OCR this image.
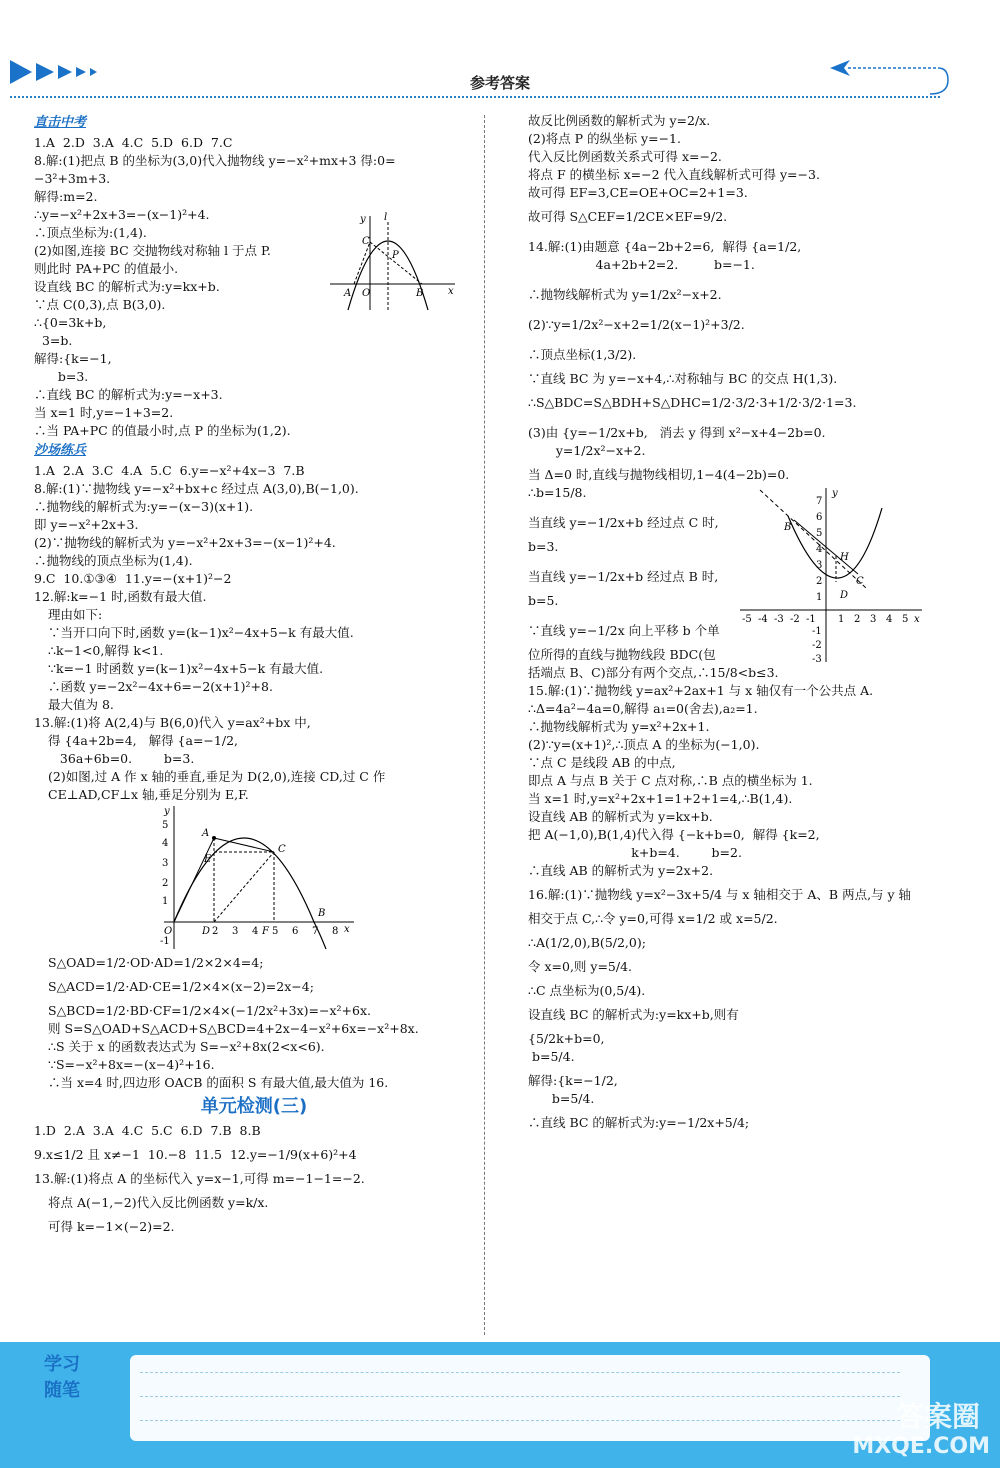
参考答案
直击中考
1.A  2.D  3.A  4.C  5.D  6.D  7.C
8.解:(1)把点 B 的坐标为(3,0)代入抛物线 y=−x²+mx+3 得:0=
−3²+3m+3.
解得:m=2.
∴y=−x²+2x+3=−(x−1)²+4.
∴顶点坐标为:(1,4).
(2)如图,连接 BC 交抛物线对称轴 l 于点 P.
则此时 PA+PC 的值最小.
设直线 BC 的解析式为:y=kx+b.
∵点 C(0,3),点 B(3,0).
∴{0=3k+b,
3=b.
解得:{k=−1,
b=3.
y l
C
P
A O	B x
∴直线 BC 的解析式为:y=−x+3.
当 x=1 时,y=−1+3=2.
∴当 PA+PC 的值最小时,点 P 的坐标为(1,2).
沙场练兵
1.A  2.A  3.C  4.A  5.C  6.y=−x²+4x−3  7.B
8.解:(1)∵抛物线 y=−x²+bx+c 经过点 A(3,0),B(−1,0).
∴抛物线的解析式为:y=−(x−3)(x+1).
即 y=−x²+2x+3.
(2)∵抛物线的解析式为 y=−x²+2x+3=−(x−1)²+4.
∴抛物线的顶点坐标为(1,4).
9.C  10.①③④  11.y=−(x+1)²−2
12.解:k=−1 时,函数有最大值.
理由如下:
∵当开口向下时,函数 y=(k−1)x²−4x+5−k 有最大值.
∴k−1<0,解得 k<1.
∵k=−1 时函数 y=(k−1)x²−4x+5−k 有最大值.
∴函数 y=−2x²−4x+6=−2(x+1)²+8.
最大值为 8.
13.解:(1)将 A(2,4)与 B(6,0)代入 y=ax²+bx 中,
得 {4a+2b=4,   解得 {a=−1/2,
36a+6b=0.        b=3.
(2)如图,过 A 作 x 轴的垂直,垂足为 D(2,0),连接 CD,过 C 作
CE⊥AD,CF⊥x 轴,垂足分别为 E,F.
y
5
4
3
2
1
A
E
C
O	D 2 3 4 F 5 6 7 8 x
B
-1
S△OAD=1/2·OD·AD=1/2×2×4=4;
S△ACD=1/2·AD·CE=1/2×4×(x−2)=2x−4;
S△BCD=1/2·BD·CF=1/2×4×(−1/2x²+3x)=−x²+6x.
则 S=S△OAD+S△ACD+S△BCD=4+2x−4−x²+6x=−x²+8x.
∴S 关于 x 的函数表达式为 S=−x²+8x(2<x<6).
∵S=−x²+8x=−(x−4)²+16.
∴当 x=4 时,四边形 OACB 的面积 S 有最大值,最大值为 16.
单元检测(三)
1.D  2.A  3.A  4.C  5.C  6.D  7.B  8.B
9.x≤1/2 且 x≠−1  10.−8  11.5  12.y=−1/9(x+6)²+4
13.解:(1)将点 A 的坐标代入 y=x−1,可得 m=−1−1=−2.
将点 A(−1,−2)代入反比例函数 y=k/x.
可得 k=−1×(−2)=2.
故反比例函数的解析式为 y=2/x.
(2)将点 P 的纵坐标 y=−1.
代入反比例函数关系式可得 x=−2.
将点 F 的横坐标 x=−2 代入直线解析式可得 y=−3.
故可得 EF=3,CE=OE+OC=2+1=3.
故可得 S△CEF=1/2CE×EF=9/2.
14.解:(1)由题意 {4a−2b+2=6,  解得 {a=1/2,
4a+2b+2=2.         b=−1.
∴抛物线解析式为 y=1/2x²−x+2.
(2)∵y=1/2x²−x+2=1/2(x−1)²+3/2.
∴顶点坐标(1,3/2).
∵直线 BC 为 y=−x+4,∴对称轴与 BC 的交点 H(1,3).
∴S△BDC=S△BDH+S△DHC=1/2·3/2·3+1/2·3/2·1=3.
(3)由 {y=−1/2x+b,   消去 y 得到 x²−x+4−2b=0.
y=1/2x²−x+2.
当 Δ=0 时,直线与抛物线相切,1−4(4−2b)=0.
∴b=15/8.
当直线 y=−1/2x+b 经过点 C 时,
b=3.
当直线 y=−1/2x+b 经过点 B 时,
b=5.
∵直线 y=−1/2x 向上平移 b 个单
位所得的直线与抛物线段 BDC(包
括端点 B、C)部分有两个交点,∴15/8<b≤3.
y
7
6
5
4
3
2
1
B
H
C
D
x
-5 -4 -3 -2 -1 1 2 3 4 5
-1
-2
-3
15.解:(1)∵抛物线 y=ax²+2ax+1 与 x 轴仅有一个公共点 A.
∴Δ=4a²−4a=0,解得 a₁=0(舍去),a₂=1.
∴抛物线解析式为 y=x²+2x+1.
(2)∵y=(x+1)²,∴顶点 A 的坐标为(−1,0).
∵点 C 是线段 AB 的中点,
即点 A 与点 B 关于 C 点对称,∴B 点的横坐标为 1.
当 x=1 时,y=x²+2x+1=1+2+1=4,∴B(1,4).
设直线 AB 的解析式为 y=kx+b.
把 A(−1,0),B(1,4)代入得 {−k+b=0,  解得 {k=2,
k+b=4.        b=2.
∴直线 AB 的解析式为 y=2x+2.
16.解:(1)∵抛物线 y=x²−3x+5/4 与 x 轴相交于 A、B 两点,与 y 轴
相交于点 C,∴令 y=0,可得 x=1/2 或 x=5/2.
∴A(1/2,0),B(5/2,0);
令 x=0,则 y=5/4.
∴C 点坐标为(0,5/4).
设直线 BC 的解析式为:y=kx+b,则有
{5/2k+b=0,
b=5/4.
解得:{k=−1/2,
b=5/4.
∴直线 BC 的解析式为:y=−1/2x+5/4;
学习
随笔
答案圈
MXQE.COM
